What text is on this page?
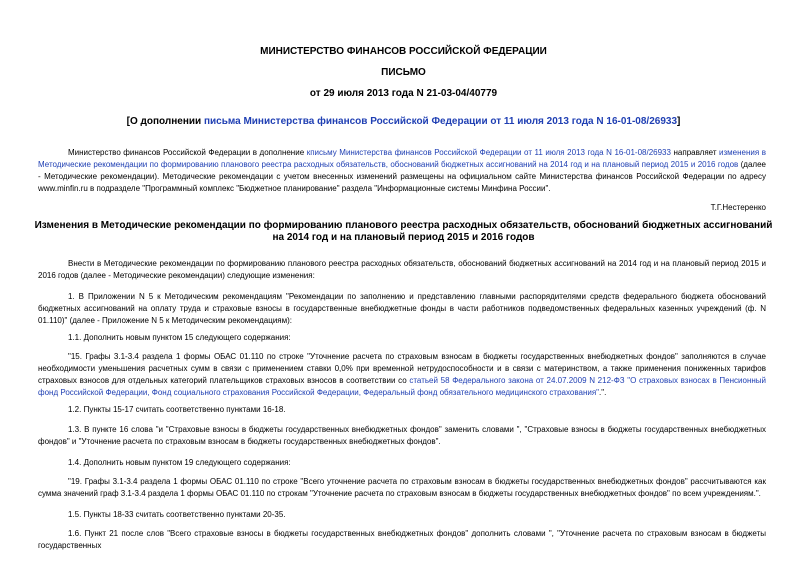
МИНИСТЕРСТВО ФИНАНСОВ РОССИЙСКОЙ ФЕДЕРАЦИИ
ПИСЬМО
от 29 июля 2013 года N 21-03-04/40779
[О дополнении письма Министерства финансов Российской Федерации от 11 июля 2013 года N 16-01-08/26933]
Министерство финансов Российской Федерации в дополнение кписьму Министерства финансов Российской Федерации от 11 июля 2013 года N 16-01-08/26933 направляет изменения в Методические рекомендации по формированию планового реестра расходных обязательств, обоснований бюджетных ассигнований на 2014 год и на плановый период 2015 и 2016 годов (далее - Методические рекомендации). Методические рекомендации с учетом внесенных изменений размещены на официальном сайте Министерства финансов Российской Федерации по адресу www.minfin.ru в подразделе "Программный комплекс "Бюджетное планирование" раздела "Информационные системы Минфина России".
Т.Г.Нестеренко
Изменения в Методические рекомендации по формированию планового реестра расходных обязательств, обоснований бюджетных ассигнований на 2014 год и на плановый период 2015 и 2016 годов
Внести в Методические рекомендации по формированию планового реестра расходных обязательств, обоснований бюджетных ассигнований на 2014 год и на плановый период 2015 и 2016 годов (далее - Методические рекомендации) следующие изменения:
1. В Приложении N 5 к Методическим рекомендациям "Рекомендации по заполнению и представлению главными распорядителями средств федерального бюджета обоснований бюджетных ассигнований на оплату труда и страховые взносы в государственные внебюджетные фонды в части работников подведомственных федеральных казенных учреждений (ф. N 01.110)" (далее - Приложение N 5 к Методическим рекомендациям):
1.1. Дополнить новым пунктом 15 следующего содержания:
"15. Графы 3.1-3.4 раздела 1 формы ОБАС 01.110 по строке "Уточнение расчета по страховым взносам в бюджеты государственных внебюджетных фондов" заполняются в случае необходимости уменьшения расчетных сумм в связи с применением ставки 0,0% при временной нетрудоспособности и в связи с материнством, а также применения пониженных тарифов страховых взносов для отдельных категорий плательщиков страховых взносов в соответствии со статьей 58 Федерального закона от 24.07.2009 N 212-ФЗ "О страховых взносах в Пенсионный фонд Российской Федерации, Фонд социального страхования Российской Федерации, Федеральный фонд обязательного медицинского страхования".".
1.2. Пункты 15-17 считать соответственно пунктами 16-18.
1.3. В пункте 16 слова "и "Страховые взносы в бюджеты государственных внебюджетных фондов" заменить словами ", "Страховые взносы в бюджеты государственных внебюджетных фондов" и "Уточнение расчета по страховым взносам в бюджеты государственных внебюджетных фондов".
1.4. Дополнить новым пунктом 19 следующего содержания:
"19. Графы 3.1-3.4 раздела 1 формы ОБАС 01.110 по строке "Всего уточнение расчета по страховым взносам в бюджеты государственных внебюджетных фондов" рассчитываются как сумма значений граф 3.1-3.4 раздела 1 формы ОБАС 01.110 по строкам "Уточнение расчета по страховым взносам в бюджеты государственных внебюджетных фондов" по всем учреждениям.".
1.5. Пункты 18-33 считать соответственно пунктами 20-35.
1.6. Пункт 21 после слов "Всего страховые взносы в бюджеты государственных внебюджетных фондов" дополнить словами ", "Уточнение расчета по страховым взносам в бюджеты государственных
